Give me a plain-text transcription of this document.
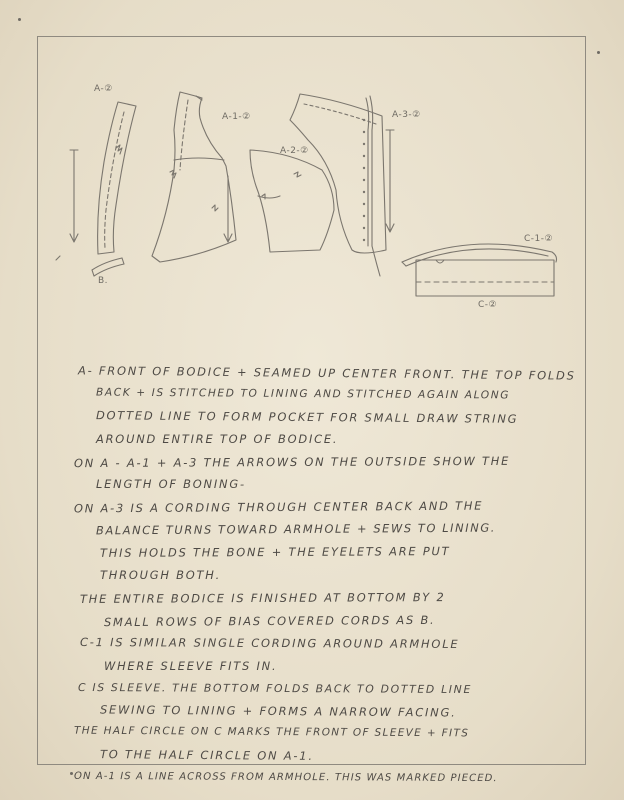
A-②
A-1-②
A-2-②
A-3-②
B.
C-1-②
C-②
A- FRONT OF BODICE + SEAMED UP CENTER FRONT. THE TOP FOLDS
BACK + IS STITCHED TO LINING AND STITCHED AGAIN ALONG
DOTTED LINE TO FORM POCKET FOR SMALL DRAW STRING
AROUND ENTIRE TOP OF BODICE.
ON A - A-1 + A-3 THE ARROWS ON THE OUTSIDE SHOW THE
LENGTH OF BONING-
ON A-3 IS A CORDING THROUGH CENTER BACK AND THE
BALANCE TURNS TOWARD ARMHOLE + SEWS TO LINING.
THIS HOLDS THE BONE + THE EYELETS ARE PUT
THROUGH BOTH.
THE ENTIRE BODICE IS FINISHED AT BOTTOM BY 2
SMALL ROWS OF BIAS COVERED CORDS AS B.
C-1 IS SIMILAR SINGLE CORDING AROUND ARMHOLE
WHERE SLEEVE FITS IN.
C IS SLEEVE. THE BOTTOM FOLDS BACK TO DOTTED LINE
SEWING TO LINING + FORMS A NARROW FACING.
THE HALF CIRCLE ON C MARKS THE FRONT OF SLEEVE + FITS
TO THE HALF CIRCLE ON A-1.
ON A-1 IS A LINE ACROSS FROM ARMHOLE. THIS WAS MARKED PIECED.
